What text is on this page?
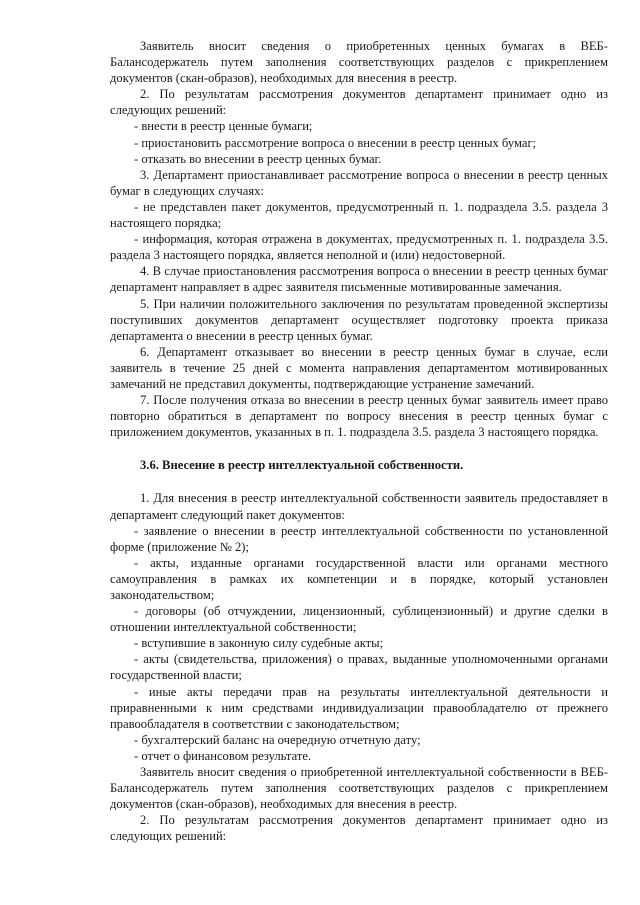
Заявитель вносит сведения о приобретенных ценных бумагах в ВЕБ-Балансодержатель путем заполнения соответствующих разделов с прикреплением документов (скан-образов), необходимых для внесения в реестр.

2. По результатам рассмотрения документов департамент принимает одно из следующих решений:

- внести в реестр ценные бумаги;

- приостановить рассмотрение вопроса о внесении в реестр ценных бумаг;

- отказать во внесении в реестр ценных бумаг.

3. Департамент приостанавливает рассмотрение вопроса о внесении в реестр ценных бумаг в следующих случаях:

- не представлен пакет документов, предусмотренный п. 1. подраздела 3.5. раздела 3 настоящего порядка;

- информация, которая отражена в документах, предусмотренных п. 1. подраздела 3.5. раздела 3 настоящего порядка, является неполной и (или) недостоверной.

4. В случае приостановления рассмотрения вопроса о внесении в реестр ценных бумаг департамент направляет в адрес заявителя письменные мотивированные замечания.

5. При наличии положительного заключения по результатам проведенной экспертизы поступивших документов департамент осуществляет подготовку проекта приказа департамента о внесении в реестр ценных бумаг.

6. Департамент отказывает во внесении в реестр ценных бумаг в случае, если заявитель в течение 25 дней с момента направления департаментом мотивированных замечаний не представил документы, подтверждающие устранение замечаний.

7. После получения отказа во внесении в реестр ценных бумаг заявитель имеет право повторно обратиться в департамент по вопросу внесения в реестр ценных бумаг с приложением документов, указанных в п. 1. подраздела 3.5. раздела 3 настоящего порядка.

3.6. Внесение в реестр интеллектуальной собственности.

1. Для внесения в реестр интеллектуальной собственности заявитель предоставляет в департамент следующий пакет документов:

- заявление о внесении в реестр интеллектуальной собственности по установленной форме (приложение № 2);

- акты, изданные органами государственной власти или органами местного самоуправления в рамках их компетенции и в порядке, который установлен законодательством;

- договоры (об отчуждении, лицензионный, сублицензионный) и другие сделки в отношении интеллектуальной собственности;

- вступившие в законную силу судебные акты;

- акты (свидетельства, приложения) о правах, выданные уполномоченными органами государственной власти;

- иные акты передачи прав на результаты интеллектуальной деятельности и приравненными к ним средствами индивидуализации правообладателю от прежнего правообладателя в соответствии с законодательством;

- бухгалтерский баланс на очередную отчетную дату;

- отчет о финансовом результате.

Заявитель вносит сведения о приобретенной интеллектуальной собственности в ВЕБ-Балансодержатель путем заполнения соответствующих разделов с прикреплением документов (скан-образов), необходимых для внесения в реестр.

2. По результатам рассмотрения документов департамент принимает одно из следующих решений:
